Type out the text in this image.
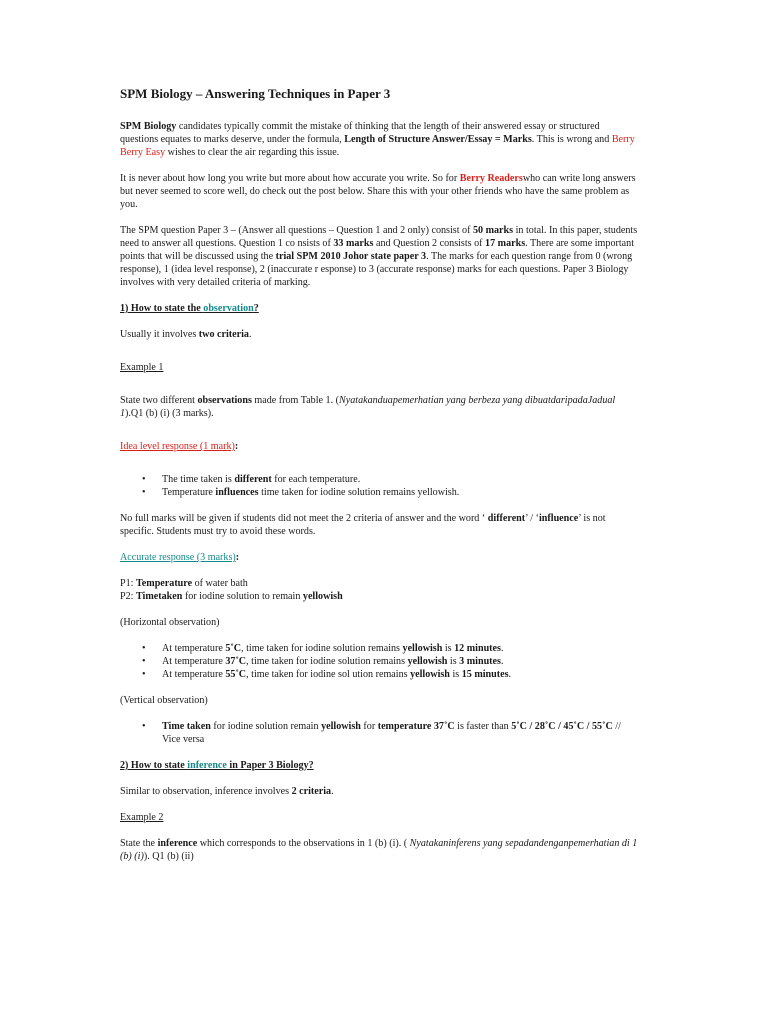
SPM Biology – Answering Techniques in Paper 3

SPM Biology candidates typically commit the mistake of thinking that the length of their answered essay or structured questions equates to marks deserve, under the formula, Length of Structure Answer/Essay = Marks. This is wrong and Berry Berry Easy wishes to clear the air regarding this issue.

It is never about how long you write but more about how accurate you write. So for Berry Readerswho can write long answers but never seemed to score well, do check out the post below. Share this with your other friends who have the same problem as you.

The SPM question Paper 3 – (Answer all questions – Question 1 and 2 only) consist of 50 marks in total. In this paper, students need to answer all questions. Question 1 co nsists of 33 marks and Question 2 consists of 17 marks. There are some important points that will be discussed using the trial SPM 2010 Johor state paper 3. The marks for each question range from 0 (wrong response), 1 (idea level response), 2 (inaccurate r esponse) to 3 (accurate response) marks for each questions. Paper 3 Biology involves with very detailed criteria of marking.

1) How to state the observation?

Usually it involves two criteria.

Example 1

State two different observations made from Table 1. (Nyatakanduapemerhatian yang berbeza yang dibuatdaripadaJadual 1).Q1 (b) (i) (3 marks).

Idea level response (1 mark):

• The time taken is different for each temperature.
• Temperature influences time taken for iodine solution remains yellowish.

No full marks will be given if students did not meet the 2 criteria of answer and the word ‘ different’ / ‘influence’ is not specific. Students must try to avoid these words.

Accurate response (3 marks):

P1: Temperature of water bath
P2: Timetaken for iodine solution to remain yellowish

(Horizontal observation)

• At temperature 5˚C, time taken for iodine solution remains yellowish is 12 minutes.
• At temperature 37˚C, time taken for iodine solution remains yellowish is 3 minutes.
• At temperature 55˚C, time taken for iodine sol ution remains yellowish is 15 minutes.

(Vertical observation)

• Time taken for iodine solution remain yellowish for temperature 37˚C is faster than 5˚C / 28˚C / 45˚C / 55˚C // Vice versa

2) How to state inference in Paper 3 Biology?

Similar to observation, inference involves 2 criteria.

Example 2

State the inference which corresponds to the observations in 1 (b) (i). ( Nyatakaninferens yang sepadandenganpemerhatian di 1 (b) (i)). Q1 (b) (ii)
